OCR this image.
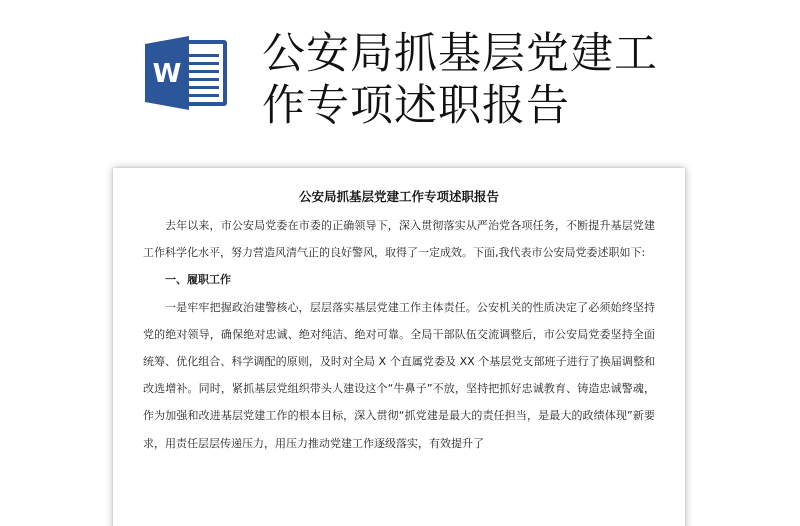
W 公安局抓基层党建工
作专项述职报告
公安局抓基层党建工作专项述职报告

去年以来，市公安局党委在市委的正确领导下，深入贯彻落实从严治党各项任务，不断提升基层党建工作科学化水平，努力营造风清气正的良好警风，取得了一定成效。下面,我代表市公安局党委述职如下:

一、履职工作

一是牢牢把握政治建警核心，层层落实基层党建工作主体责任。公安机关的性质决定了必须始终坚持党的绝对领导，确保绝对忠诚、绝对纯洁、绝对可靠。全局干部队伍交流调整后，市公安局党委坚持全面统筹、优化组合、科学调配的原则，及时对全局 X 个直属党委及 XX 个基层党支部班子进行了换届调整和改选增补。同时，紧抓基层党组织带头人建设这个“牛鼻子”不放，坚持把抓好忠诚教育、铸造忠诚警魂，作为加强和改进基层党建工作的根本目标，深入贯彻“抓党建是最大的责任担当，是最大的政绩体现”新要求，用责任层层传递压力，用压力推动党建工作逐级落实，有效提升了
